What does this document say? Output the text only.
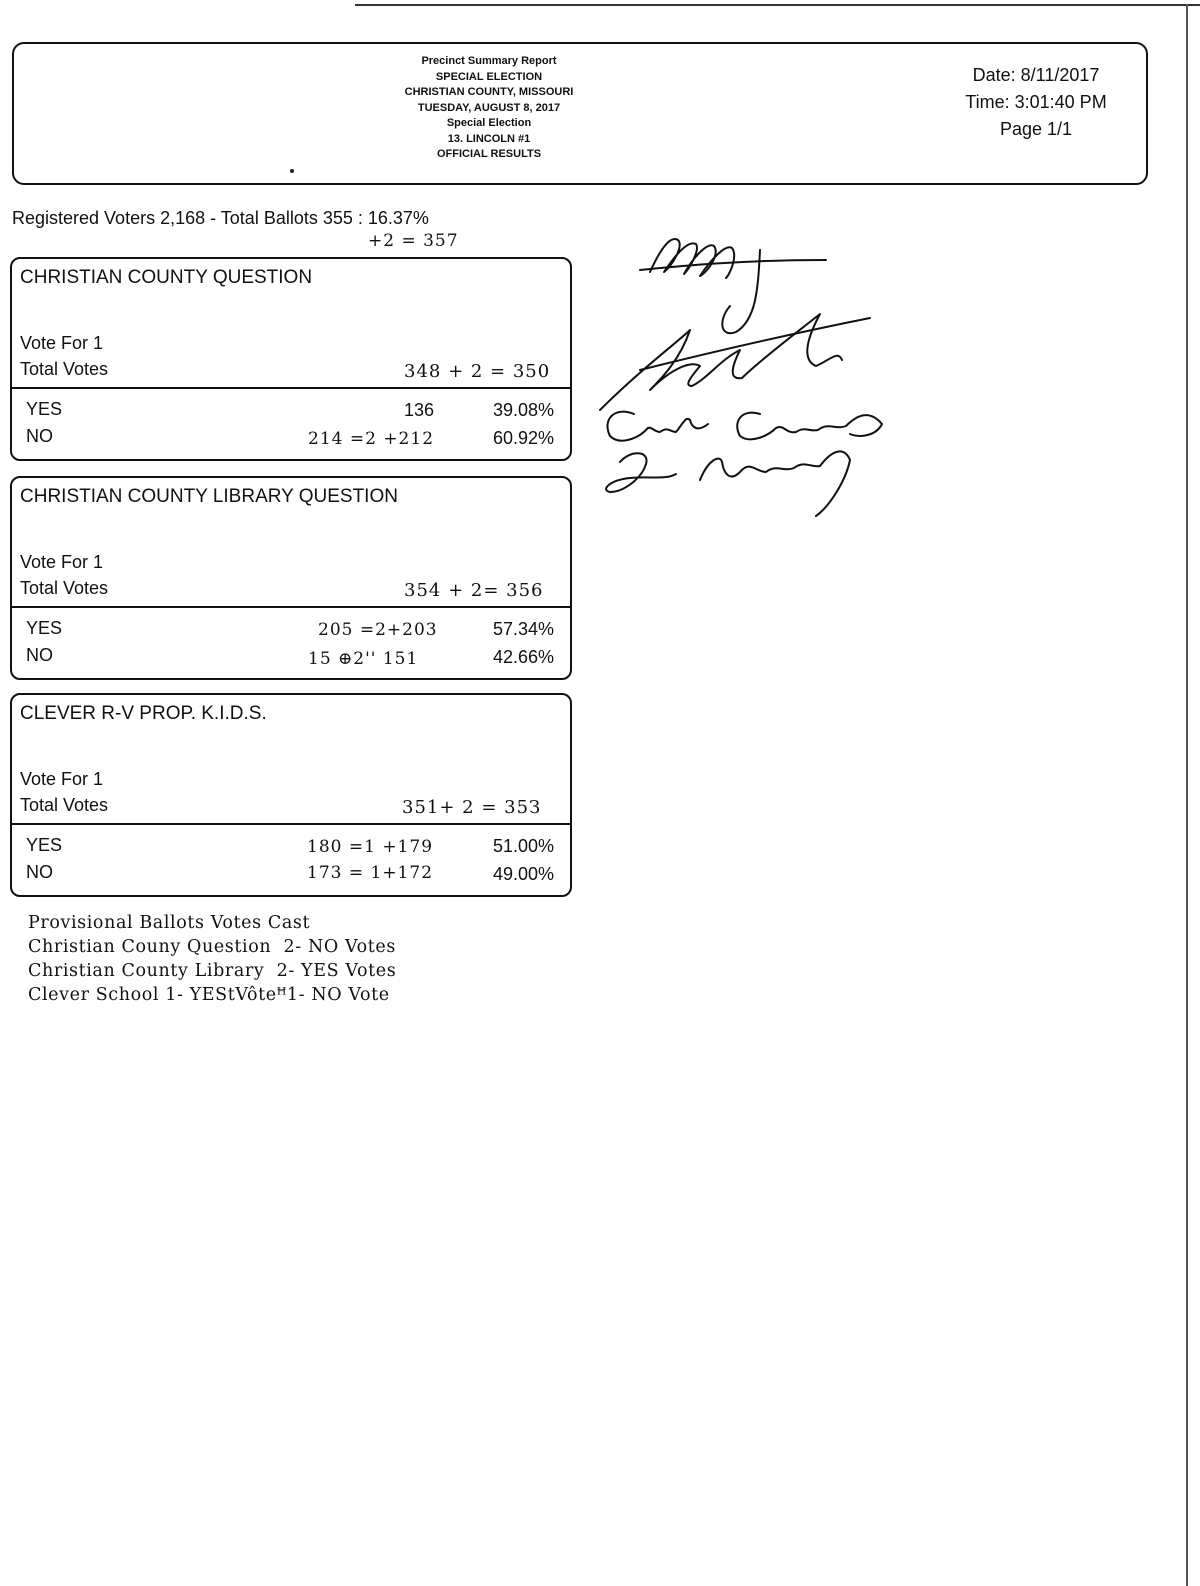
Precinct Summary Report
SPECIAL ELECTION
CHRISTIAN COUNTY, MISSOURI
TUESDAY, AUGUST 8, 2017
Special Election
13. LINCOLN #1
OFFICIAL RESULTS
Date: 8/11/2017
Time: 3:01:40 PM
Page 1/1
Registered Voters 2,168 - Total Ballots 355 : 16.37%
+2 = 357
CHRISTIAN COUNTY QUESTION
Vote For 1
Total Votes	348 + 2 = 350
YES	136	39.08%
NO	214 =2 +212	60.92%
CHRISTIAN COUNTY LIBRARY QUESTION
Vote For 1
Total Votes	354 + 2= 356
YES	205 =2+203	57.34%
NO	15 ⊕2'' 151	42.66%
CLEVER R-V PROP. K.I.D.S.
Vote For 1
Total Votes	351+ 2 = 35З
YES	180 =1 +179	51.00%
NO	173 = 1+172	49.00%
Provisional Ballots Votes Cast
Christian Couny Question  2- NO Votes
Christian County Library  2- YES Votes
Clever School 1- YEStVôteꟸ1- NO Vote
